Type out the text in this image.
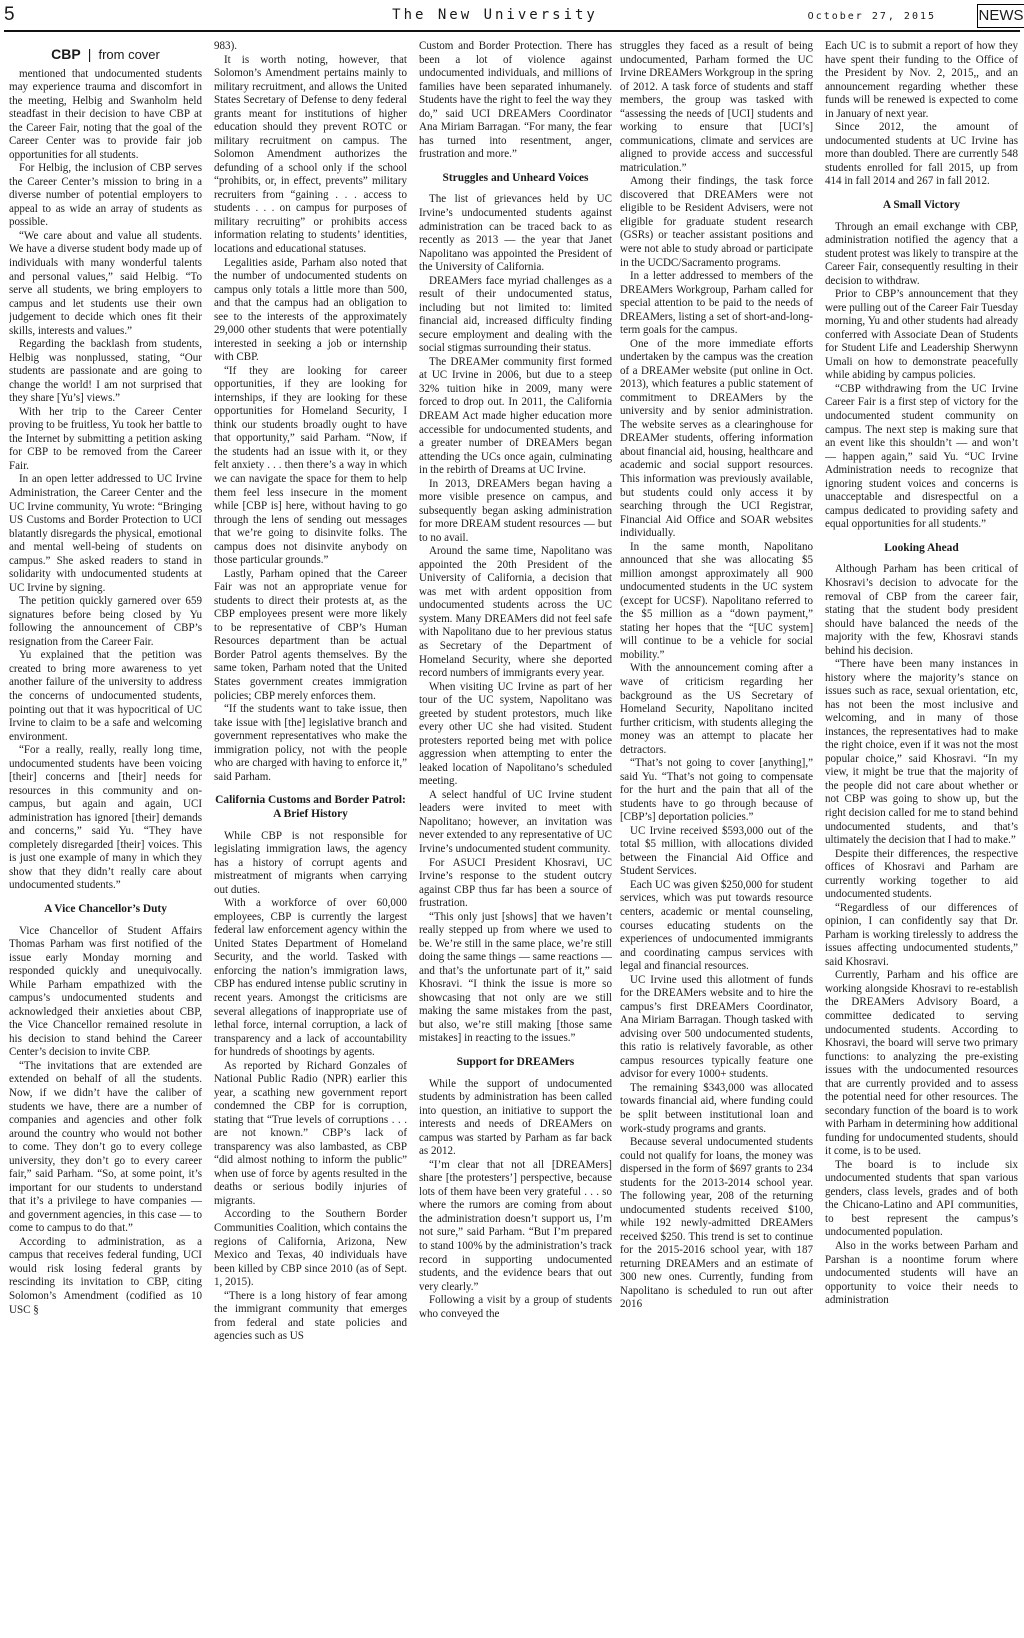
5	The New University	October 27, 2015	NEWS
CBP | from cover

mentioned that undocumented students may experience trauma and discomfort in the meeting, Helbig and Swanholm held steadfast in their decision to have CBP at the Career Fair, noting that the goal of the Career Center was to provide fair job opportunities for all students.

For Helbig, the inclusion of CBP serves the Career Center’s mission to bring in a diverse number of potential employers to appeal to as wide an array of students as possible.

“We care about and value all students. We have a diverse student body made up of individuals with many wonderful talents and personal values,” said Helbig. “To serve all students, we bring employers to campus and let students use their own judgement to decide which ones fit their skills, interests and values.”

Regarding the backlash from students, Helbig was nonplussed, stating, “Our students are passionate and are going to change the world! I am not surprised that they share [Yu’s] views.”

With her trip to the Career Center proving to be fruitless, Yu took her battle to the Internet by submitting a petition asking for CBP to be removed from the Career Fair.

In an open letter addressed to UC Irvine Administration, the Career Center and the UC Irvine community, Yu wrote: “Bringing US Customs and Border Protection to UCI blatantly disregards the physical, emotional and mental well-being of students on campus.” She asked readers to stand in solidarity with undocumented students at UC Irvine by signing.

The petition quickly garnered over 659 signatures before being closed by Yu following the announcement of CBP’s resignation from the Career Fair.

Yu explained that the petition was created to bring more awareness to yet another failure of the university to address the concerns of undocumented students, pointing out that it was hypocritical of UC Irvine to claim to be a safe and welcoming environment.

“For a really, really, really long time, undocumented students have been voicing [their] concerns and [their] needs for resources in this community and on-campus, but again and again, UCI administration has ignored [their] demands and concerns,” said Yu. “They have completely disregarded [their] voices. This is just one example of many in which they show that they didn’t really care about undocumented students.”

A Vice Chancellor’s Duty

Vice Chancellor of Student Affairs Thomas Parham was first notified of the issue early Monday morning and responded quickly and unequivocally. While Parham empathized with the campus’s undocumented students and acknowledged their anxieties about CBP, the Vice Chancellor remained resolute in his decision to stand behind the Career Center’s decision to invite CBP.

“The invitations that are extended are extended on behalf of all the students. Now, if we didn’t have the caliber of students we have, there are a number of companies and agencies and other folk around the country who would not bother to come. They don’t go to every college university, they don’t go to every career fair,” said Parham. “So, at some point, it’s important for our students to understand that it’s a privilege to have companies — and government agencies, in this case — to come to campus to do that.”

According to administration, as a campus that receives federal funding, UCI would risk losing federal grants by rescinding its invitation to CBP, citing Solomon’s Amendment (codified as 10 USC §

983).

It is worth noting, however, that Solomon’s Amendment pertains mainly to military recruitment, and allows the United States Secretary of Defense to deny federal grants meant for institutions of higher education should they prevent ROTC or military recruitment on campus. The Solomon Amendment authorizes the defunding of a school only if the school “prohibits, or, in effect, prevents” military recruiters from “gaining . . . access to students . . . on campus for purposes of military recruiting” or prohibits access information relating to students’ identities, locations and educational statuses.

Legalities aside, Parham also noted that the number of undocumented students on campus only totals a little more than 500, and that the campus had an obligation to see to the interests of the approximately 29,000 other students that were potentially interested in seeking a job or internship with CBP.

“If they are looking for career opportunities, if they are looking for internships, if they are looking for these opportunities for Homeland Security, I think our students broadly ought to have that opportunity,” said Parham. “Now, if the students had an issue with it, or they felt anxiety . . . then there’s a way in which we can navigate the space for them to help them feel less insecure in the moment while [CBP is] here, without having to go through the lens of sending out messages that we’re going to disinvite folks. The campus does not disinvite anybody on those particular grounds.”

Lastly, Parham opined that the Career Fair was not an appropriate venue for students to direct their protests at, as the CBP employees present were more likely to be representative of CBP’s Human Resources department than be actual Border Patrol agents themselves. By the same token, Parham noted that the United States government creates immigration policies; CBP merely enforces them.

“If the students want to take issue, then take issue with [the] legislative branch and government representatives who make the immigration policy, not with the people who are charged with having to enforce it,” said Parham.

California Customs and Border Patrol: A Brief History

While CBP is not responsible for legislating immigration laws, the agency has a history of corrupt agents and mistreatment of migrants when carrying out duties.

With a workforce of over 60,000 employees, CBP is currently the largest federal law enforcement agency within the United States Department of Homeland Security, and the world. Tasked with enforcing the nation’s immigration laws, CBP has endured intense public scrutiny in recent years. Amongst the criticisms are several allegations of inappropriate use of lethal force, internal corruption, a lack of transparency and a lack of accountability for hundreds of shootings by agents.

As reported by Richard Gonzales of National Public Radio (NPR) earlier this year, a scathing new government report condemned the CBP for is corruption, stating that “True levels of corruptions . . . are not known.” CBP’s lack of transparency was also lambasted, as CBP “did almost nothing to inform the public” when use of force by agents resulted in the deaths or serious bodily injuries of migrants.

According to the Southern Border Communities Coalition, which contains the regions of California, Arizona, New Mexico and Texas, 40 individuals have been killed by CBP since 2010 (as of Sept. 1, 2015).

“There is a long history of fear among the immigrant community that emerges from federal and state policies and agencies such as US

Custom and Border Protection. There has been a lot of violence against undocumented individuals, and millions of families have been separated inhumanely. Students have the right to feel the way they do,” said UCI DREAMers Coordinator Ana Miriam Barragan. “For many, the fear has turned into resentment, anger, frustration and more.”

Struggles and Unheard Voices

The list of grievances held by UC Irvine’s undocumented students against administration can be traced back to as recently as 2013 — the year that Janet Napolitano was appointed the President of the University of California.

DREAMers face myriad challenges as a result of their undocumented status, including but not limited to: limited financial aid, increased difficulty finding secure employment and dealing with the social stigmas surrounding their status.

The DREAMer community first formed at UC Irvine in 2006, but due to a steep 32% tuition hike in 2009, many were forced to drop out. In 2011, the California DREAM Act made higher education more accessible for undocumented students, and a greater number of DREAMers began attending the UCs once again, culminating in the rebirth of Dreams at UC Irvine.

In 2013, DREAMers began having a more visible presence on campus, and subsequently began asking administration for more DREAM student resources — but to no avail.

Around the same time, Napolitano was appointed the 20th President of the University of California, a decision that was met with ardent opposition from undocumented students across the UC system. Many DREAMers did not feel safe with Napolitano due to her previous status as Secretary of the Department of Homeland Security, where she deported record numbers of immigrants every year.

When visiting UC Irvine as part of her tour of the UC system, Napolitano was greeted by student protestors, much like every other UC she had visited. Student protesters reported being met with police aggression when attempting to enter the leaked location of Napolitano’s scheduled meeting.

A select handful of UC Irvine student leaders were invited to meet with Napolitano; however, an invitation was never extended to any representative of UC Irvine’s undocumented student community.

For ASUCI President Khosravi, UC Irvine’s response to the student outcry against CBP thus far has been a source of frustration.

“This only just [shows] that we haven’t really stepped up from where we used to be. We’re still in the same place, we’re still doing the same things — same reactions — and that’s the unfortunate part of it,” said Khosravi. “I think the issue is more so showcasing that not only are we still making the same mistakes from the past, but also, we’re still making [those same mistakes] in reacting to the issues.”

Support for DREAMers

While the support of undocumented students by administration has been called into question, an initiative to support the interests and needs of DREAMers on campus was started by Parham as far back as 2012.

“I’m clear that not all [DREAMers] share [the protesters’] perspective, because lots of them have been very grateful . . . so where the rumors are coming from about the administration doesn’t support us, I’m not sure,” said Parham. “But I’m prepared to stand 100% by the administration’s track record in supporting undocumented students, and the evidence bears that out very clearly.”

Following a visit by a group of students who conveyed the

struggles they faced as a result of being undocumented, Parham formed the UC Irvine DREAMers Workgroup in the spring of 2012. A task force of students and staff members, the group was tasked with “assessing the needs of [UCI] students and working to ensure that [UCI’s] communications, climate and services are aligned to provide access and successful matriculation.”

Among their findings, the task force discovered that DREAMers were not eligible to be Resident Advisers, were not eligible for graduate student research (GSRs) or teacher assistant positions and were not able to study abroad or participate in the UCDC/Sacramento programs.

In a letter addressed to members of the DREAMers Workgroup, Parham called for special attention to be paid to the needs of DREAMers, listing a set of short-and-long-term goals for the campus.

One of the more immediate efforts undertaken by the campus was the creation of a DREAMer website (put online in Oct. 2013), which features a public statement of commitment to DREAMers by the university and by senior administration. The website serves as a clearinghouse for DREAMer students, offering information about financial aid, housing, healthcare and academic and social support resources. This information was previously available, but students could only access it by searching through the UCI Registrar, Financial Aid Office and SOAR websites individually.

In the same month, Napolitano announced that she was allocating $5 million amongst approximately all 900 undocumented students in the UC system (except for UCSF). Napolitano referred to the $5 million as a “down payment,” stating her hopes that the “[UC system] will continue to be a vehicle for social mobility.”

With the announcement coming after a wave of criticism regarding her background as the US Secretary of Homeland Security, Napolitano incited further criticism, with students alleging the money was an attempt to placate her detractors.

“That’s not going to cover [anything],” said Yu. “That’s not going to compensate for the hurt and the pain that all of the students have to go through because of [CBP’s] deportation policies.”

UC Irvine received $593,000 out of the total $5 million, with allocations divided between the Financial Aid Office and Student Services.

Each UC was given $250,000 for student services, which was put towards resource centers, academic or mental counseling, courses educating students on the experiences of undocumented immigrants and coordinating campus services with legal and financial resources.

UC Irvine used this allotment of funds for the DREAMers website and to hire the campus’s first DREAMers Coordinator, Ana Miriam Barragan. Though tasked with advising over 500 undocumented students, this ratio is relatively favorable, as other campus resources typically feature one advisor for every 1000+ students.

The remaining $343,000 was allocated towards financial aid, where funding could be split between institutional loan and work-study programs and grants.

Because several undocumented students could not qualify for loans, the money was dispersed in the form of $697 grants to 234 students for the 2013-2014 school year. The following year, 208 of the returning undocumented students received $100, while 192 newly-admitted DREAMers received $250. This trend is set to continue for the 2015-2016 school year, with 187 returning DREAMers and an estimate of 300 new ones. Currently, funding from Napolitano is scheduled to run out after 2016

Each UC is to submit a report of how they have spent their funding to the Office of the President by Nov. 2, 2015,, and an announcement regarding whether these funds will be renewed is expected to come in January of next year.

Since 2012, the amount of undocumented students at UC Irvine has more than doubled. There are currently 548 students enrolled for fall 2015, up from 414 in fall 2014 and 267 in fall 2012.

A Small Victory

Through an email exchange with CBP, administration notified the agency that a student protest was likely to transpire at the Career Fair, consequently resulting in their decision to withdraw.

Prior to CBP’s announcement that they were pulling out of the Career Fair Tuesday morning, Yu and other students had already conferred with Associate Dean of Students for Student Life and Leadership Sherwynn Umali on how to demonstrate peacefully while abiding by campus policies.

“CBP withdrawing from the UC Irvine Career Fair is a first step of victory for the undocumented student community on campus. The next step is making sure that an event like this shouldn’t — and won’t — happen again,” said Yu. “UC Irvine Administration needs to recognize that ignoring student voices and concerns is unacceptable and disrespectful on a campus dedicated to providing safety and equal opportunities for all students.”

Looking Ahead

Although Parham has been critical of Khosravi’s decision to advocate for the removal of CBP from the career fair, stating that the student body president should have balanced the needs of the majority with the few, Khosravi stands behind his decision.

“There have been many instances in history where the majority’s stance on issues such as race, sexual orientation, etc, has not been the most inclusive and welcoming, and in many of those instances, the representatives had to make the right choice, even if it was not the most popular choice,” said Khosravi. “In my view, it might be true that the majority of the people did not care about whether or not CBP was going to show up, but the right decision called for me to stand behind undocumented students, and that’s ultimately the decision that I had to make.”

Despite their differences, the respective offices of Khosravi and Parham are currently working together to aid undocumented students.

“Regardless of our differences of opinion, I can confidently say that Dr. Parham is working tirelessly to address the issues affecting undocumented students,” said Khosravi.

Currently, Parham and his office are working alongside Khosravi to re-establish the DREAMers Advisory Board, a committee dedicated to serving undocumented students. According to Khosravi, the board will serve two primary functions: to analyzing the pre-existing issues with the undocumented resources that are currently provided and to assess the potential need for other resources. The secondary function of the board is to work with Parham in determining how additional funding for undocumented students, should it come, is to be used.

The board is to include six undocumented students that span various genders, class levels, grades and of both the Chicano-Latino and API communities, to best represent the campus’s undocumented population.

Also in the works between Parham and Parshan is a noontime forum where undocumented students will have an opportunity to voice their needs to administration
